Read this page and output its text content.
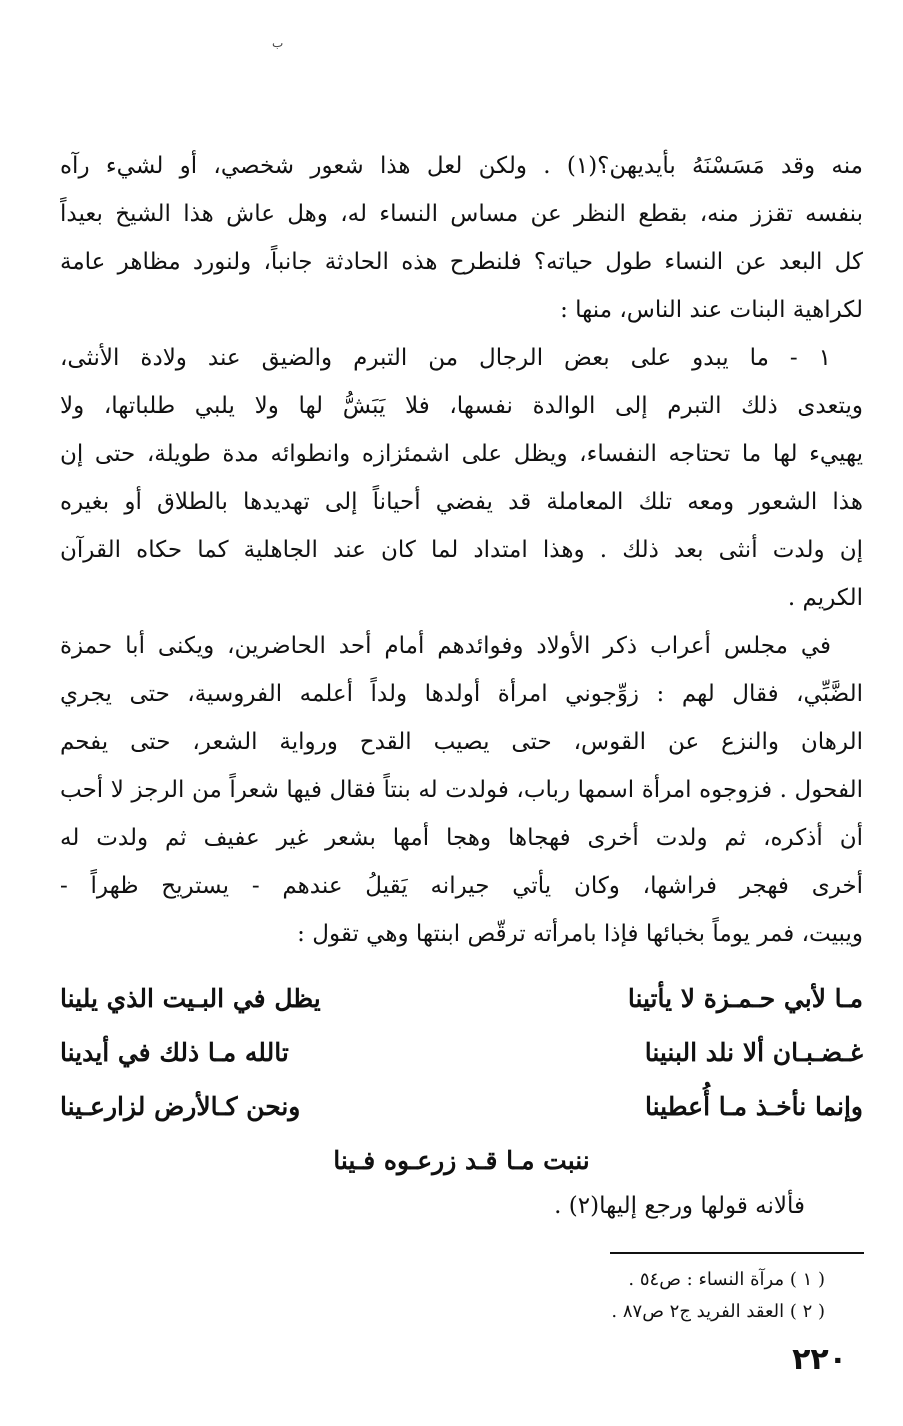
ب
منه وقد مَسَسْنَهُ بأيديهن؟(١) . ولكن لعل هذا شعور شخصي، أو لشيء رآه
بنفسه تقزز منه، بقطع النظر عن مساس النساء له، وهل عاش هذا الشيخ بعيداً
كل البعد عن النساء طول حياته؟ فلنطرح هذه الحادثة جانباً، ولنورد مظاهر عامة
لكراهية البنات عند الناس، منها :
١ - ما يبدو على بعض الرجال من التبرم والضيق عند ولادة الأنثى،
ويتعدى ذلك التبرم إلى الوالدة نفسها، فلا يَبَشُّ لها ولا يلبي طلباتها، ولا
يهييء لها ما تحتاجه النفساء، ويظل على اشمئزازه وانطوائه مدة طويلة، حتى إن
هذا الشعور ومعه تلك المعاملة قد يفضي أحياناً إلى تهديدها بالطلاق أو بغيره
إن ولدت أنثى بعد ذلك . وهذا امتداد لما كان عند الجاهلية كما حكاه القرآن
الكريم .
في مجلس أعراب ذكر الأولاد وفوائدهم أمام أحد الحاضرين، ويكنى أبا حمزة
الضَّبِّي، فقال لهم : زوِّجوني امرأة أولدها ولداً أعلمه الفروسية، حتى يجري
الرهان والنزع عن القوس، حتى يصيب القدح ورواية الشعر، حتى يفحم
الفحول . فزوجوه امرأة اسمها رباب، فولدت له بنتاً فقال فيها شعراً من الرجز لا أحب
أن أذكره، ثم ولدت أخرى فهجاها وهجا أمها بشعر غير عفيف ثم ولدت له
أخرى فهجر فراشها، وكان يأتي جيرانه يَقيلُ عندهم - يستريح ظهراً -
ويبيت، فمر يوماً بخبائها فإذا بامرأته ترقّص ابنتها وهي تقول :
مـا لأبي حـمـزة لا يأتينا
يظل في البـيت الذي يلينا
غـضـبـان ألا نلد البنينا
تالله مـا ذلك في أيدينا
وإنما نأخـذ مـا أُعطينا
ونحن كـالأرض لزارعـينا
ننبت مـا قـد زرعـوه فـينا
فألانه قولها ورجع إليها(٢) .
( ١ ) مرآة النساء : ص٥٤ .
( ٢ ) العقد الفريد ج٢ ص٨٧ .
٢٢٠
